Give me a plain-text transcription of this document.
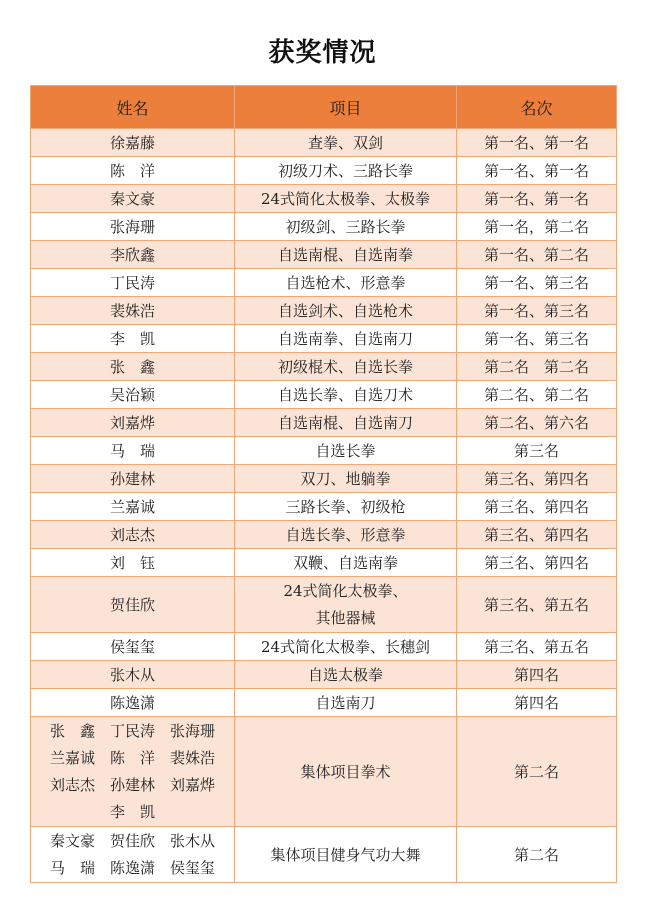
获奖情况
姓名	项目	名次

徐嘉藤	查拳、双剑	第一名、第一名

陈　洋	初级刀术、三路长拳	第一名、第一名

秦文豪	24式简化太极拳、太极拳	第一名、第一名

张海珊	初级剑、三路长拳	第一名，第二名

李欣鑫	自选南棍、自选南拳	第一名、第二名

丁民涛	自选枪术、形意拳	第一名、第三名

裴姝浩	自选剑术、自选枪术	第一名、第三名

李　凯	自选南拳、自选南刀	第一名、第三名

张　鑫	初级棍术、自选长拳	第二名　第二名

吴治颖	自选长拳、自选刀术	第二名、第二名

刘嘉烨	自选南棍、自选南刀	第二名、第六名

马　瑞	自选长拳	第三名

孙建林	双刀、地躺拳	第三名、第四名

兰嘉诚	三路长拳、初级枪	第三名、第四名

刘志杰	自选长拳、形意拳	第三名、第四名

刘　钰	双鞭、自选南拳	第三名、第四名

贺佳欣	24式简化太极拳、
其他器械	第三名、第五名

侯玺玺	24式简化太极拳、长穗剑	第三名、第五名

张木从	自选太极拳	第四名

陈逸潇	自选南刀	第四名

张　鑫　丁民涛　张海珊
兰嘉诚　陈　洋　裴姝浩
刘志杰　孙建林　刘嘉烨
李　凯	集体项目拳术	第二名

秦文豪　贺佳欣　张木从
马　瑞　陈逸潇　侯玺玺	集体项目健身气功大舞	第二名
